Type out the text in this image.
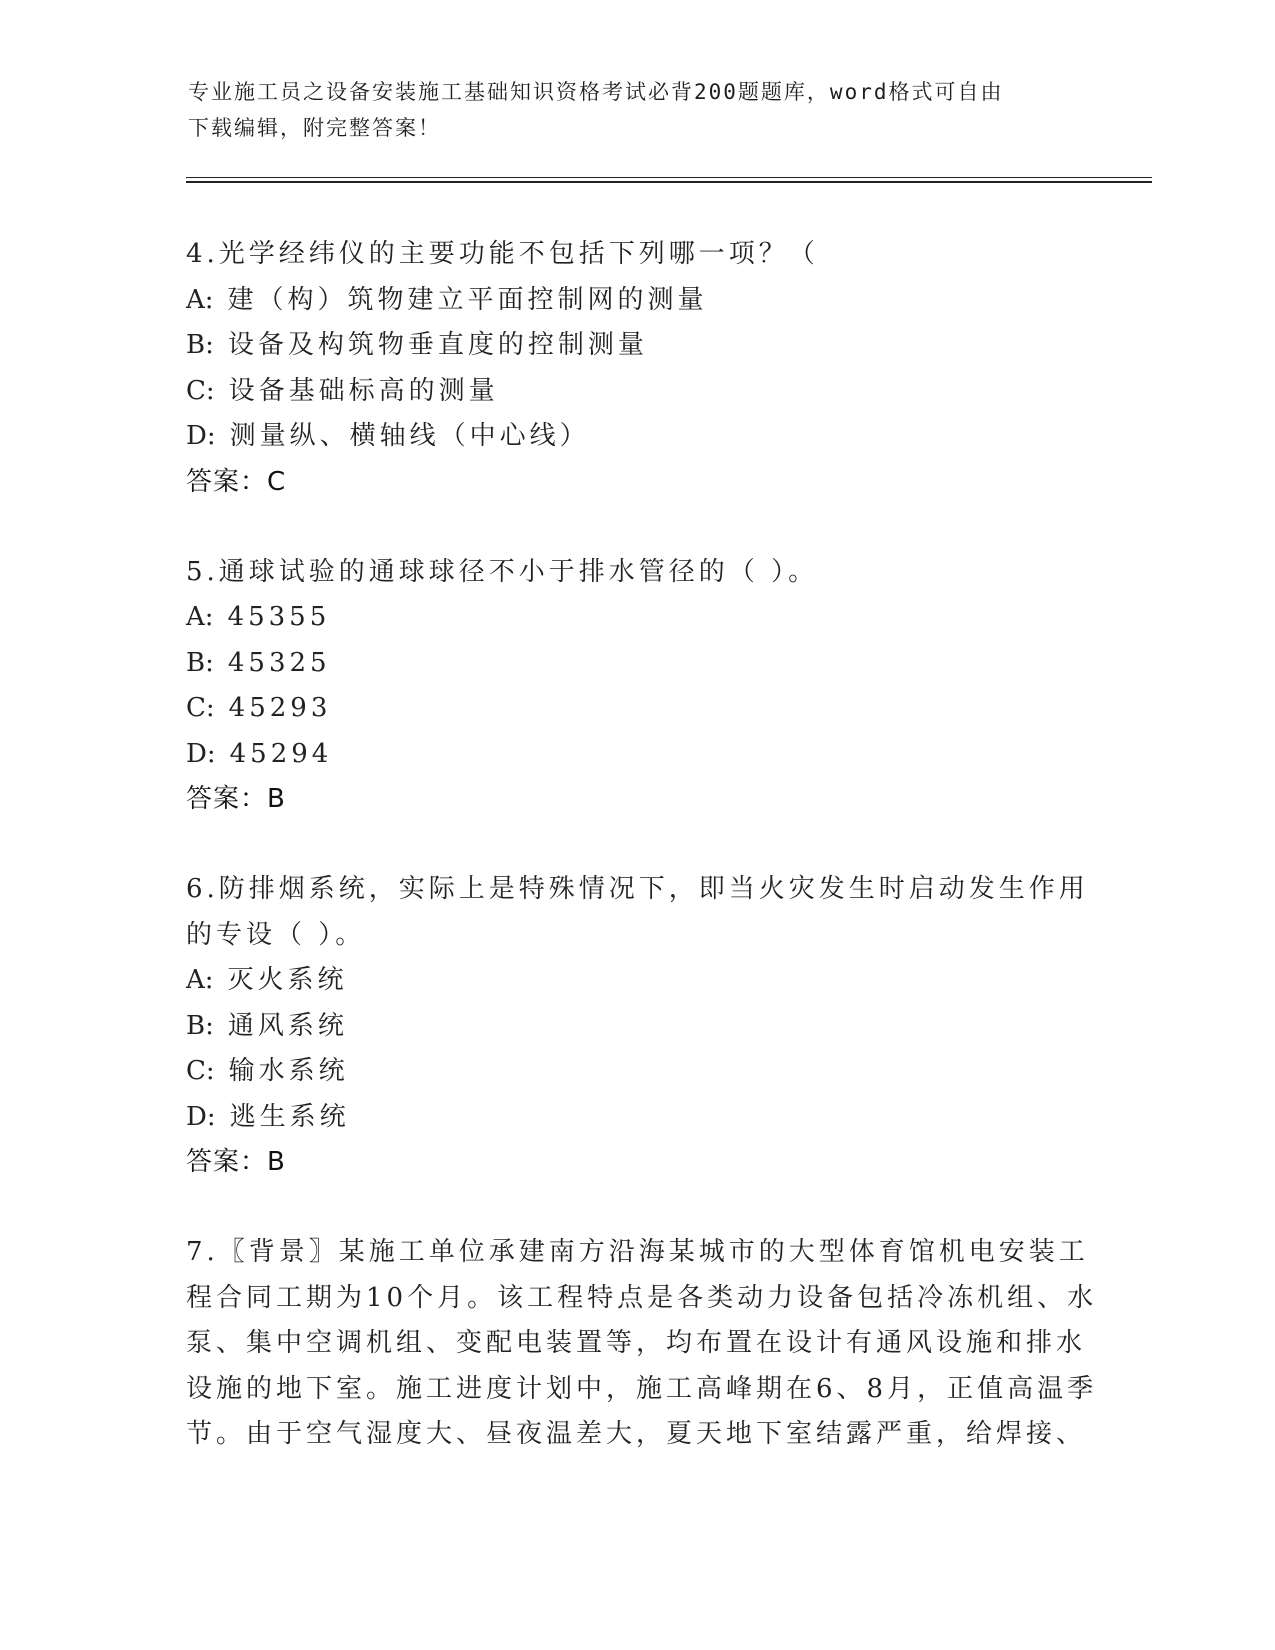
专业施工员之设备安装施工基础知识资格考试必背200题题库，word格式可自由
下载编辑，附完整答案！
4.光学经纬仪的主要功能不包括下列哪一项？（
A: 建（构）筑物建立平面控制网的测量
B: 设备及构筑物垂直度的控制测量
C: 设备基础标高的测量
D: 测量纵、横轴线（中心线）
答案：C
5.通球试验的通球球径不小于排水管径的（ ）。
A: 45355
B: 45325
C: 45293
D: 45294
答案：B
6.防排烟系统，实际上是特殊情况下，即当火灾发生时启动发生作用
的专设（ ）。
A: 灭火系统
B: 通风系统
C: 输水系统
D: 逃生系统
答案：B
7.〖背景〗某施工单位承建南方沿海某城市的大型体育馆机电安装工
程合同工期为10个月。该工程特点是各类动力设备包括冷冻机组、水
泵、集中空调机组、变配电装置等，均布置在设计有通风设施和排水
设施的地下室。施工进度计划中，施工高峰期在6、8月，正值高温季
节。由于空气湿度大、昼夜温差大，夏天地下室结露严重，给焊接、
